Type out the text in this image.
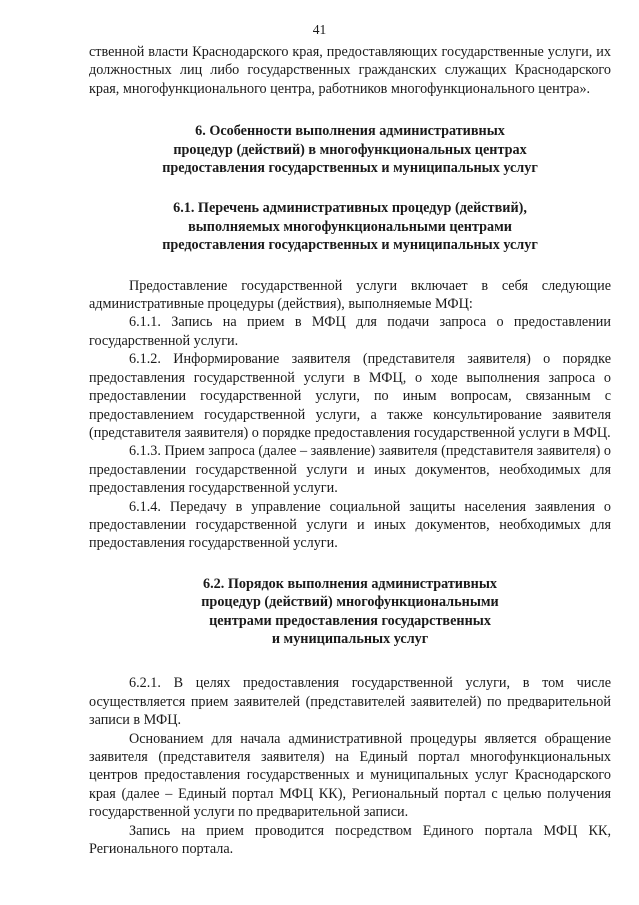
41

ственной власти Краснодарского края, предоставляющих государственные услуги, их должностных лиц либо государственных гражданских служащих Краснодарского края, многофункционального центра, работников многофункционального центра».

6. Особенности выполнения административных
процедур (действий) в многофункциональных центрах
предоставления государственных и муниципальных услуг
6.1. Перечень административных процедур (действий),
выполняемых многофункциональными центрами
предоставления государственных и муниципальных услуг

Предоставление государственной услуги включает в себя следующие административные процедуры (действия), выполняемые МФЦ:

6.1.1. Запись на прием в МФЦ для подачи запроса о предоставлении государственной услуги.

6.1.2. Информирование заявителя (представителя заявителя) о порядке предоставления государственной услуги в МФЦ, о ходе выполнения запроса о предоставлении государственной услуги, по иным вопросам, связанным с предоставлением государственной услуги, а также консультирование заявителя (представителя заявителя) о порядке предоставления государственной услуги в МФЦ.

6.1.3. Прием запроса (далее – заявление) заявителя (представителя заявителя) о предоставлении государственной услуги и иных документов, необходимых для предоставления государственной услуги.

6.1.4. Передачу в управление социальной защиты населения заявления о предоставлении государственной услуги и иных документов, необходимых для предоставления государственной услуги.

6.2. Порядок выполнения административных
процедур (действий) многофункциональными
центрами предоставления государственных
и муниципальных услуг

6.2.1. В целях предоставления государственной услуги, в том числе осуществляется прием заявителей (представителей заявителей) по предварительной записи в МФЦ.

Основанием для начала административной процедуры является обращение заявителя (представителя заявителя) на Единый портал многофункциональных центров предоставления государственных и муниципальных услуг Краснодарского края (далее – Единый портал МФЦ КК), Региональный портал с целью получения государственной услуги по предварительной записи.

Запись на прием проводится посредством Единого портала МФЦ КК, Регионального портала.
